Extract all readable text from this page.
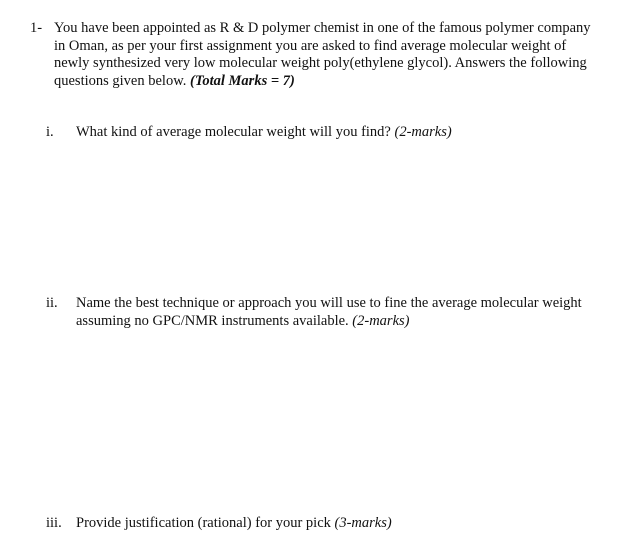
1- You have been appointed as R & D polymer chemist in one of the famous polymer company in Oman, as per your first assignment you are asked to find average molecular weight of newly synthesized very low molecular weight poly(ethylene glycol). Answers the following questions given below. (Total Marks = 7)
i.	What kind of average molecular weight will you find? (2-marks)
ii.	Name the best technique or approach you will use to fine the average molecular weight assuming no GPC/NMR instruments available. (2-marks)
iii. Provide justification (rational) for your pick (3-marks)
